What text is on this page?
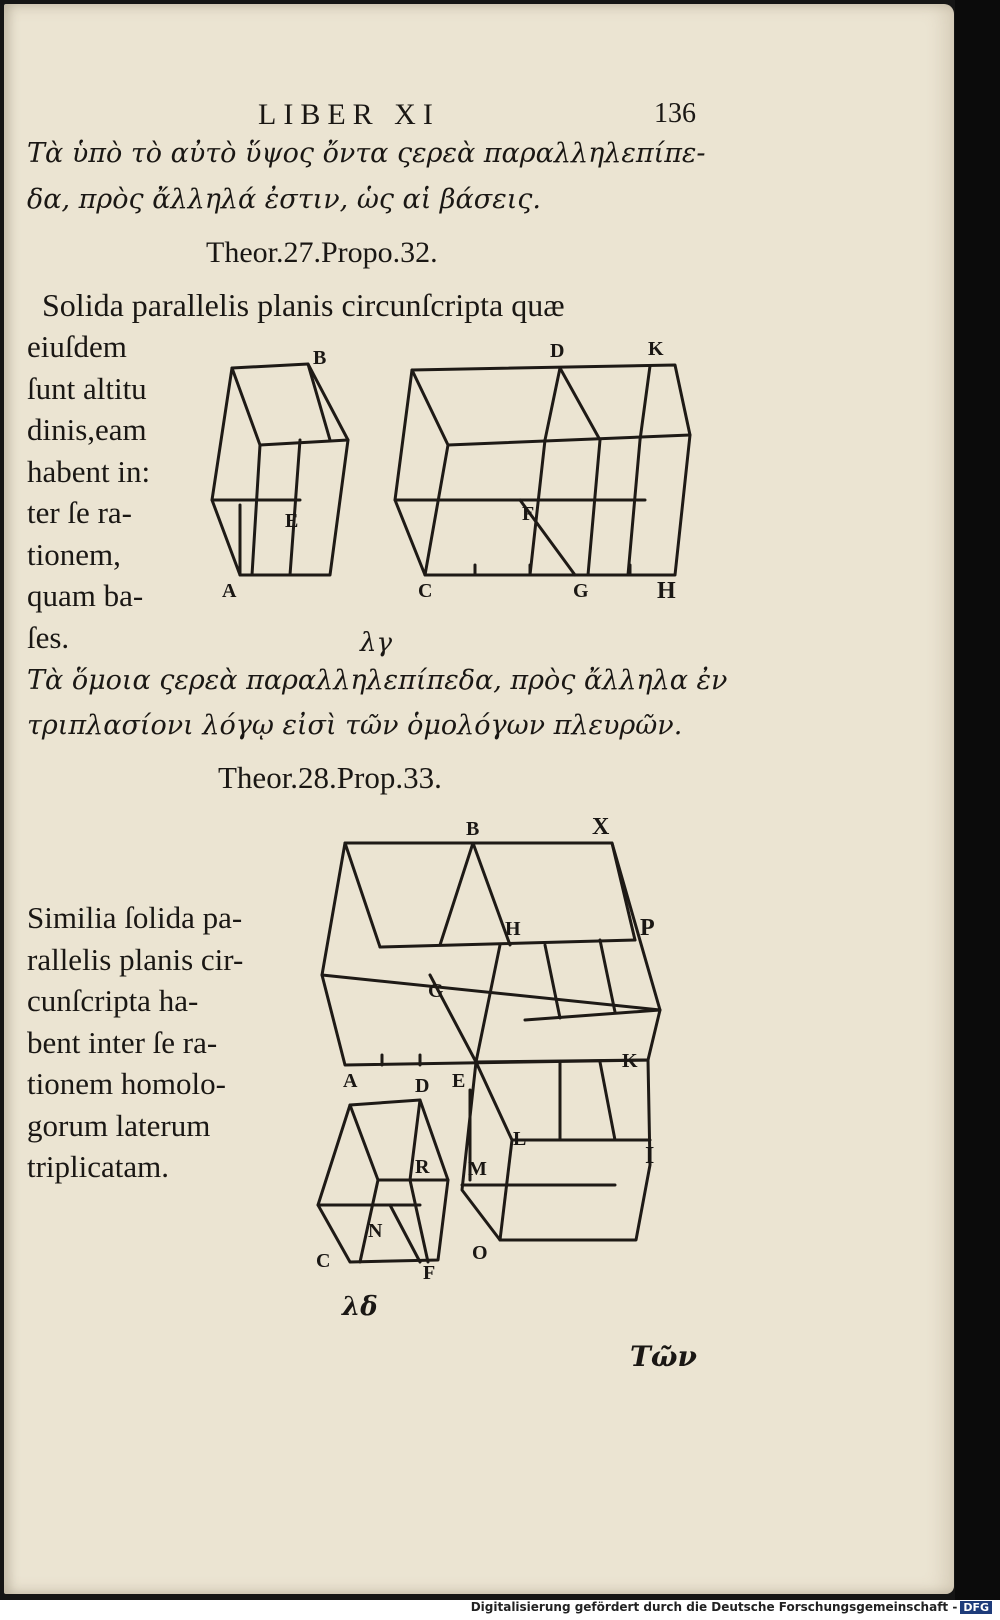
LIBER XI	136
Τὰ ὑπὸ τὸ αὐτὸ ὕψος ὄντα ςερεὰ παραλληλεπίπε-
δα, πρὸς ἄλληλά ἐστιν, ὡς αἱ βάσεις.
Theor.27.Propo.32.
Solida parallelis planis circunſcripta quæ
eiuſdem
ſunt altitu
dinis,eam
habent in:
ter ſe ra-
tionem,
quam ba-
ſes.
B
E
A
D	K
F
C	G	H
λγ
Τὰ ὅμοια ςερεὰ παραλληλεπίπεδα, πρὸς ἄλληλα ἐν
τριπλασίονι λόγῳ εἰσὶ τῶν ὁμολόγων πλευρῶν.
Theor.28.Prop.33.
Similia ſolida pa-
rallelis planis cir-
cunſcripta ha-
bent inter ſe ra-
tionem homolo-
gorum laterum
triplicatam.
B	X
H	P
G
K
A	D E
L
R M	I
N
C
F
O
λδ
Τῶν
Digitalisierung gefördert durch die Deutsche Forschungsgemeinschaft - DFG
